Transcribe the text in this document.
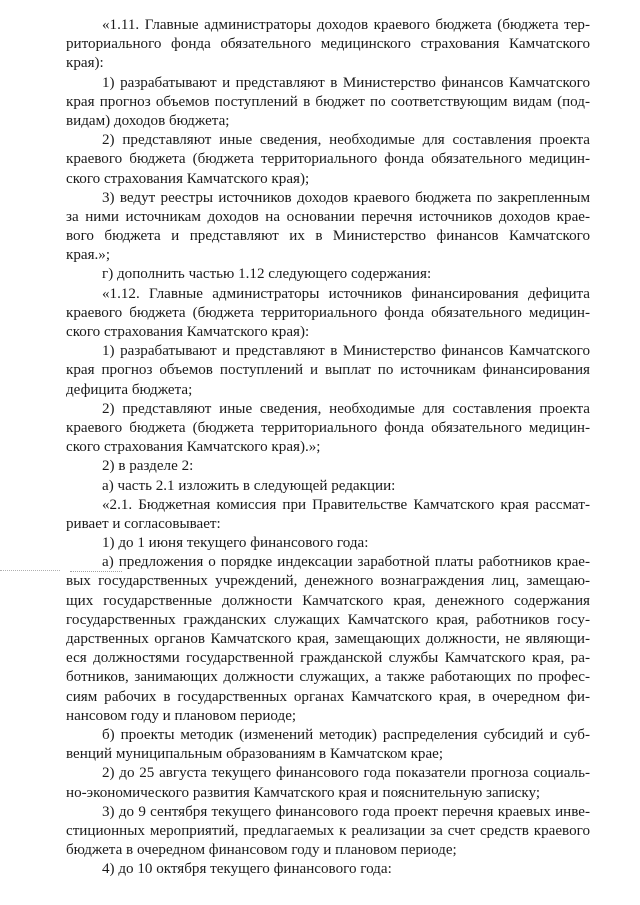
«1.11. Главные администраторы доходов краевого бюджета (бюджета тер-
риториального фонда обязательного медицинского страхования Камчатского
края):
1) разрабатывают и представляют в Министерство финансов Камчатского
края прогноз объемов поступлений в бюджет по соответствующим видам (под-
видам) доходов бюджета;
2) представляют иные сведения, необходимые для составления проекта
краевого бюджета (бюджета территориального фонда обязательного медицин-
ского страхования Камчатского края);
3) ведут реестры источников доходов краевого бюджета по закрепленным
за ними источникам доходов на основании перечня источников доходов крае-
вого бюджета и представляют их в Министерство финансов Камчатского
края.»;
г) дополнить частью 1.12 следующего содержания:
«1.12. Главные администраторы источников финансирования дефицита
краевого бюджета (бюджета территориального фонда обязательного медицин-
ского страхования Камчатского края):
1) разрабатывают и представляют в Министерство финансов Камчатского
края прогноз объемов поступлений и выплат по источникам финансирования
дефицита бюджета;
2) представляют иные сведения, необходимые для составления проекта
краевого бюджета (бюджета территориального фонда обязательного медицин-
ского страхования Камчатского края).»;
2) в разделе 2:
а) часть 2.1 изложить в следующей редакции:
«2.1. Бюджетная комиссия при Правительстве Камчатского края рассмат-
ривает и согласовывает:
1) до 1 июня текущего финансового года:
а) предложения о порядке индексации заработной платы работников крае-
вых государственных учреждений, денежного вознаграждения лиц, замещаю-
щих государственные должности Камчатского края, денежного содержания
государственных гражданских служащих Камчатского края, работников госу-
дарственных органов Камчатского края, замещающих должности, не являющи-
еся должностями государственной гражданской службы Камчатского края, ра-
ботников, занимающих должности служащих, а также работающих по профес-
сиям рабочих в государственных органах Камчатского края, в очередном фи-
нансовом году и плановом периоде;
б) проекты методик (изменений методик) распределения субсидий и суб-
венций муниципальным образованиям в Камчатском крае;
2) до 25 августа текущего финансового года показатели прогноза социаль-
но-экономического развития Камчатского края и пояснительную записку;
3) до 9 сентября текущего финансового года проект перечня краевых инве-
стиционных мероприятий, предлагаемых к реализации за счет средств краевого
бюджета в очередном финансовом году и плановом периоде;
4) до 10 октября текущего финансового года:
